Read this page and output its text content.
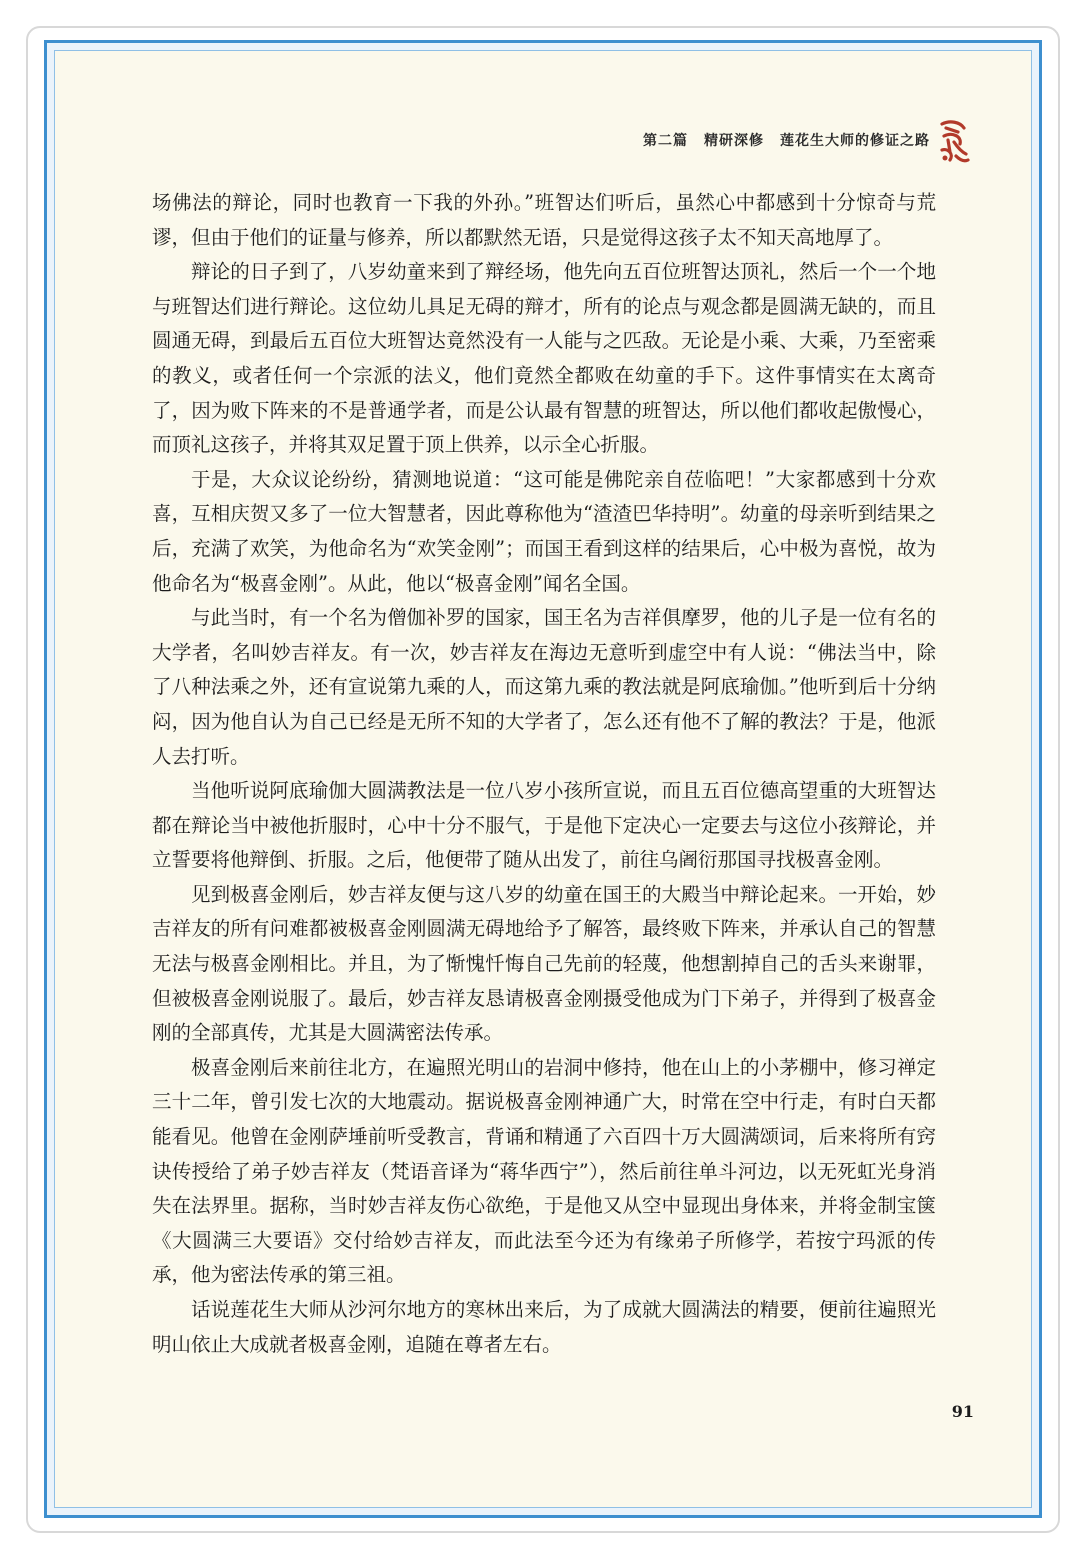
第二篇 精研深修 莲花生大师的修证之路

场佛法的辩论，同时也教育一下我的外孙。”班智达们听后，虽然心中都感到十分惊奇与荒谬，但由于他们的证量与修养，所以都默然无语，只是觉得这孩子太不知天高地厚了。

辩论的日子到了，八岁幼童来到了辩经场，他先向五百位班智达顶礼，然后一个一个地与班智达们进行辩论。这位幼儿具足无碍的辩才，所有的论点与观念都是圆满无缺的，而且圆通无碍，到最后五百位大班智达竟然没有一人能与之匹敌。无论是小乘、大乘，乃至密乘的教义，或者任何一个宗派的法义，他们竟然全都败在幼童的手下。这件事情实在太离奇了，因为败下阵来的不是普通学者，而是公认最有智慧的班智达，所以他们都收起傲慢心，而顶礼这孩子，并将其双足置于顶上供养，以示全心折服。

于是，大众议论纷纷，猜测地说道：“这可能是佛陀亲自莅临吧！”大家都感到十分欢喜，互相庆贺又多了一位大智慧者，因此尊称他为“渣渣巴华持明”。幼童的母亲听到结果之后，充满了欢笑，为他命名为“欢笑金刚”；而国王看到这样的结果后，心中极为喜悦，故为他命名为“极喜金刚”。从此，他以“极喜金刚”闻名全国。

与此当时，有一个名为僧伽补罗的国家，国王名为吉祥俱摩罗，他的儿子是一位有名的大学者，名叫妙吉祥友。有一次，妙吉祥友在海边无意听到虚空中有人说：“佛法当中，除了八种法乘之外，还有宣说第九乘的人，而这第九乘的教法就是阿底瑜伽。”他听到后十分纳闷，因为他自认为自己已经是无所不知的大学者了，怎么还有他不了解的教法？于是，他派人去打听。

当他听说阿底瑜伽大圆满教法是一位八岁小孩所宣说，而且五百位德高望重的大班智达都在辩论当中被他折服时，心中十分不服气，于是他下定决心一定要去与这位小孩辩论，并立誓要将他辩倒、折服。之后，他便带了随从出发了，前往乌阇衍那国寻找极喜金刚。

见到极喜金刚后，妙吉祥友便与这八岁的幼童在国王的大殿当中辩论起来。一开始，妙吉祥友的所有问难都被极喜金刚圆满无碍地给予了解答，最终败下阵来，并承认自己的智慧无法与极喜金刚相比。并且，为了惭愧忏悔自己先前的轻蔑，他想割掉自己的舌头来谢罪，但被极喜金刚说服了。最后，妙吉祥友恳请极喜金刚摄受他成为门下弟子，并得到了极喜金刚的全部真传，尤其是大圆满密法传承。

极喜金刚后来前往北方，在遍照光明山的岩洞中修持，他在山上的小茅棚中，修习禅定三十二年，曾引发七次的大地震动。据说极喜金刚神通广大，时常在空中行走，有时白天都能看见。他曾在金刚萨埵前听受教言，背诵和精通了六百四十万大圆满颂词，后来将所有窍诀传授给了弟子妙吉祥友（梵语音译为“蒋华西宁”），然后前往单斗河边，以无死虹光身消失在法界里。据称，当时妙吉祥友伤心欲绝，于是他又从空中显现出身体来，并将金制宝箧《大圆满三大要语》交付给妙吉祥友，而此法至今还为有缘弟子所修学，若按宁玛派的传承，他为密法传承的第三祖。

话说莲花生大师从沙河尔地方的寒林出来后，为了成就大圆满法的精要，便前往遍照光明山依止大成就者极喜金刚，追随在尊者左右。

91
